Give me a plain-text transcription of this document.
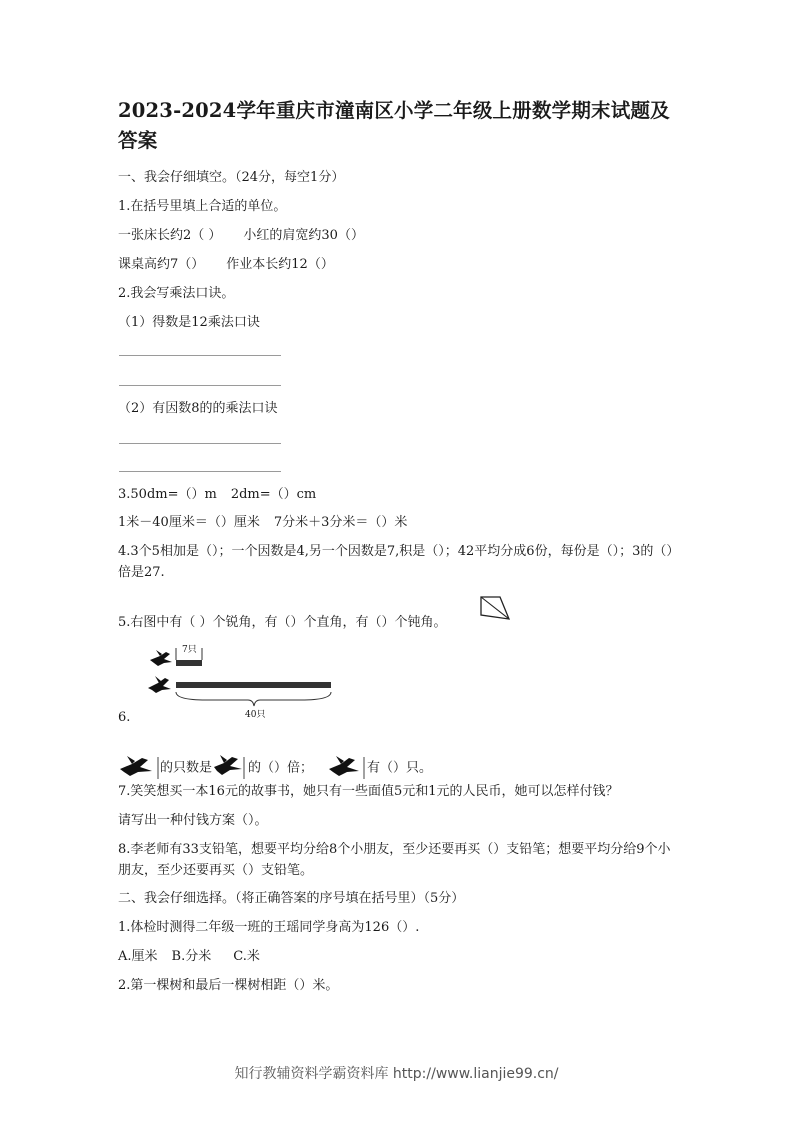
2023-2024学年重庆市潼南区小学二年级上册数学期末试题及答案
一、我会仔细填空。（24分，每空1分）
1.在括号里填上合适的单位。
一张床长约2（ ） 小红的肩宽约30（）
课桌高约7（） 作业本长约12（）
2.我会写乘法口诀。
（1）得数是12乘法口诀
（2）有因数8的的乘法口诀
3.50dm=（）m 2dm=（）cm
1米－40厘米＝（）厘米 7分米＋3分米＝（）米
4.3个5相加是（）；一个因数是4,另一个因数是7,积是（）；42平均分成6份，每份是（）；3的（）倍是27.
5.右图中有（ ）个锐角，有（）个直角，有（）个钝角。
7只
40只
6.
的只数是	的（）倍；	有（）只。
7.笑笑想买一本16元的故事书，她只有一些面值5元和1元的人民币，她可以怎样付钱？
请写出一种付钱方案（）。
8.李老师有33支铅笔，想要平均分给8个小朋友，至少还要再买（）支铅笔；想要平均分给9个小朋友，至少还要再买（）支铅笔。
二、我会仔细选择。（将正确答案的序号填在括号里）（5分）
1.体检时测得二年级一班的王瑶同学身高为126（）.
A.厘米 B.分米 C.米
2.第一棵树和最后一棵树相距（）米。
知行教辅资料学霸资料库 http://www.lianjie99.cn/
